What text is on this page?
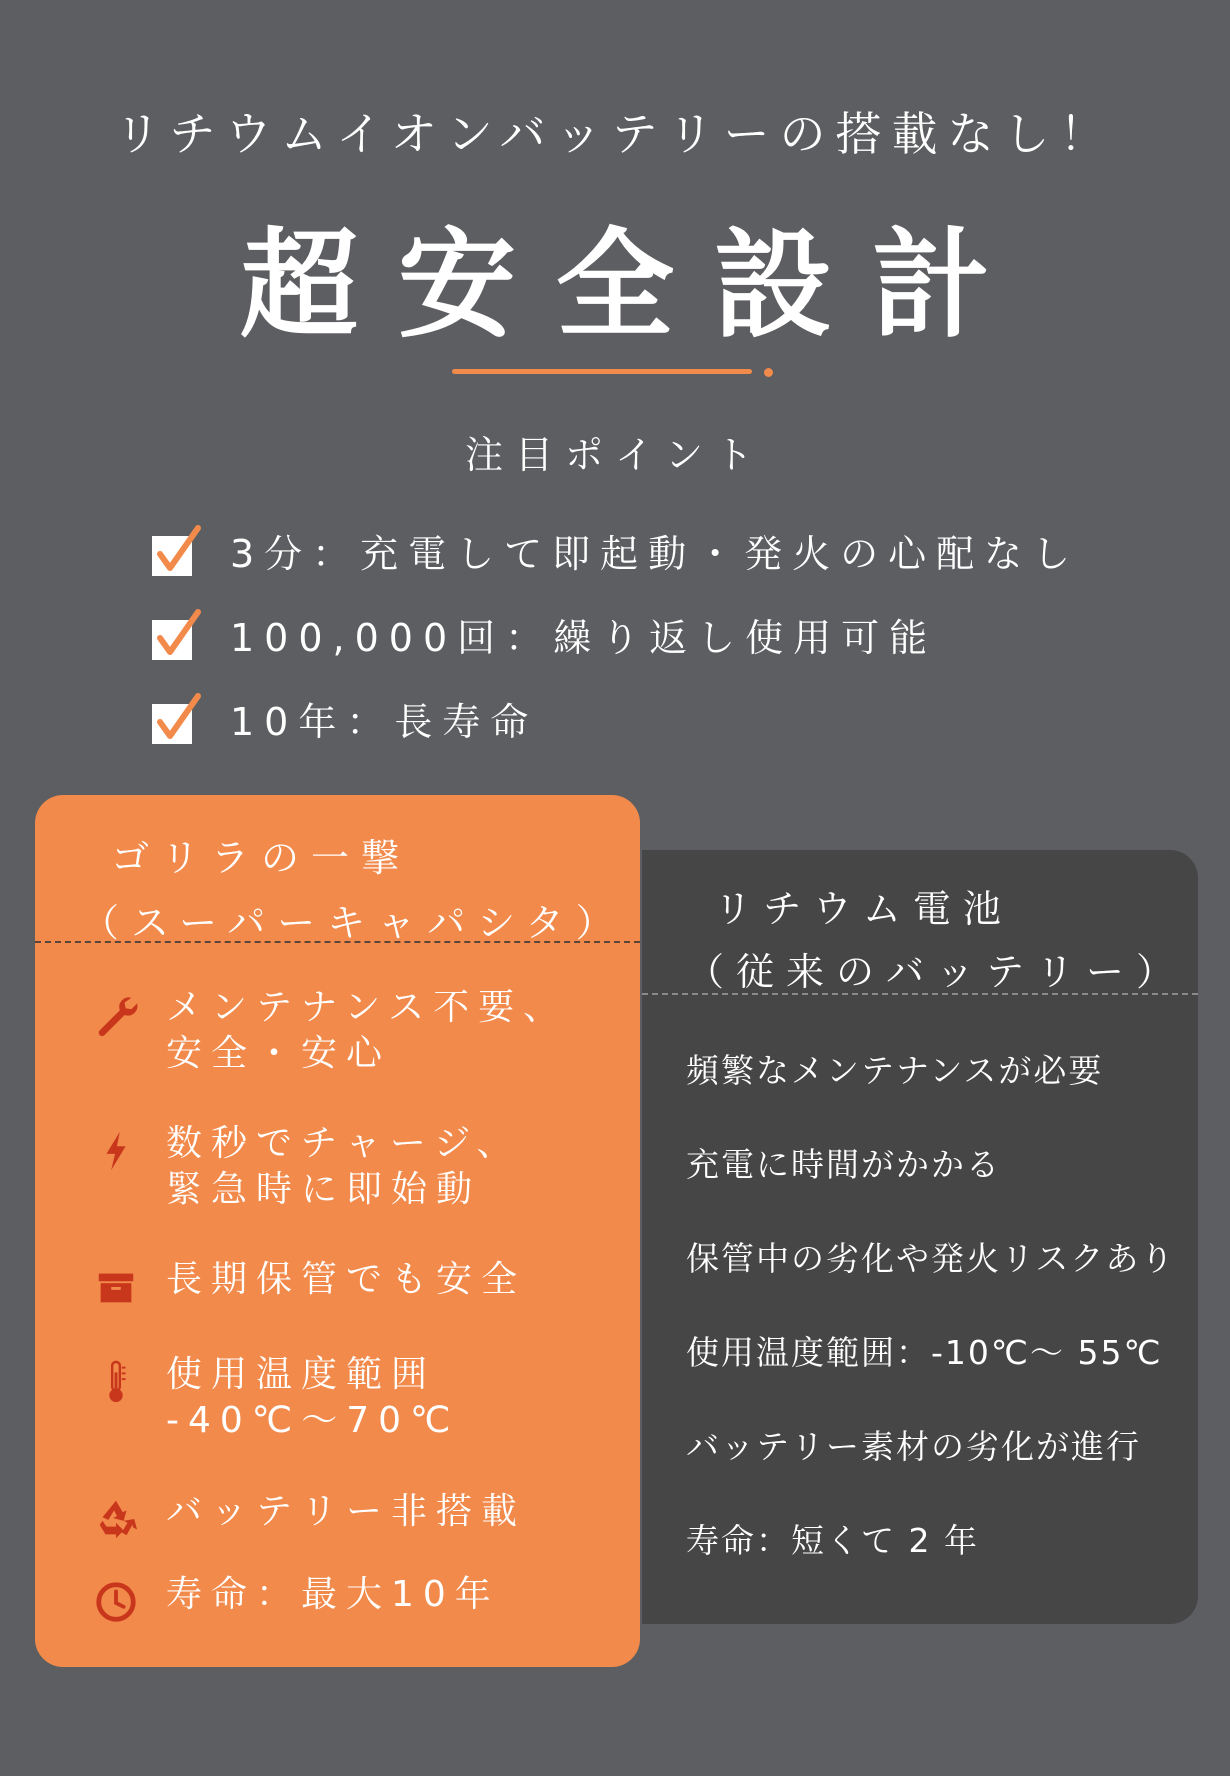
リチウムイオンバッテリーの搭載なし！
超安全設計
注目ポイント
3分：充電して即起動・発火の心配なし
100,000回：繰り返し使用可能
10年：長寿命
リチウム電池
（従来のバッテリー）
頻繁なメンテナンスが必要
充電に時間がかかる
保管中の劣化や発火リスクあり
使用温度範囲：-10℃～ 55℃
バッテリー素材の劣化が進行
寿命：短くて 2 年
ゴリラの一撃
（スーパーキャパシタ）
メンテナンス不要、
安全・安心
数秒でチャージ、
緊急時に即始動
長期保管でも安全
使用温度範囲
-40℃～70℃
バッテリー非搭載
寿命：最大10年
